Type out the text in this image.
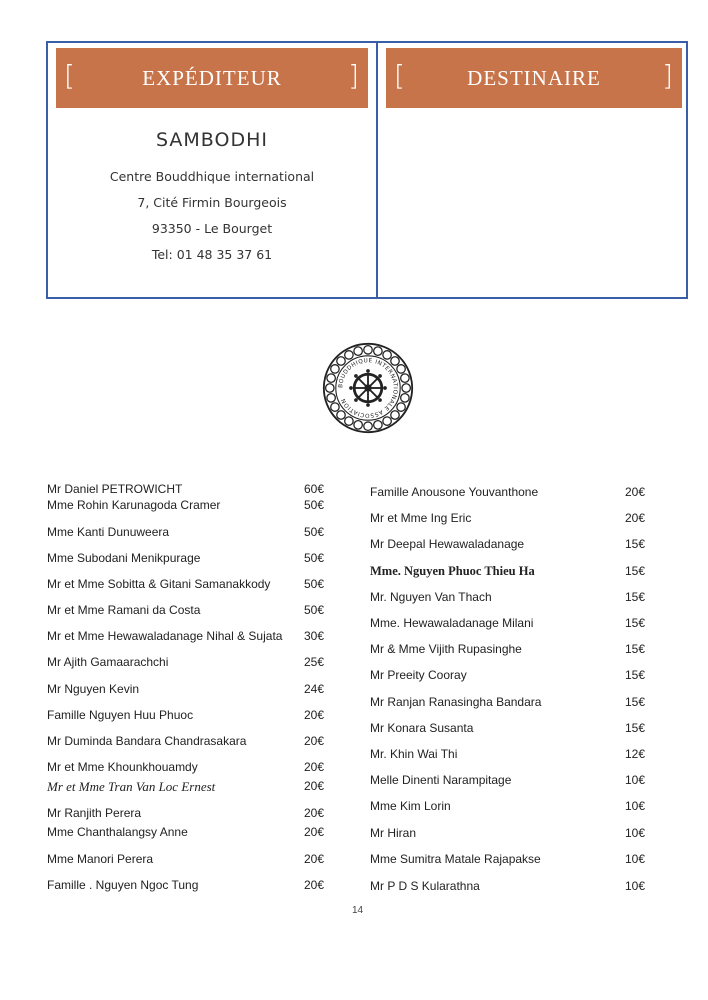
[	EXPÉDITEUR ]
SAMBODHI
Centre Bouddhique international
7, Cité Firmin Bourgeois
93350 - Le Bourget
Tel: 01 48 35 37 61
[	DESTINAIRE ]
BOUDDHIQUE INTERNATIONALE ASSOCIATION
Mr Daniel PETROWICHT	60€
Mme Rohin Karunagoda Cramer	50€
Mme Kanti Dunuweera	50€
Mme Subodani Menikpurage	50€
Mr et Mme Sobitta & Gitani Samanakkody	50€
Mr et Mme Ramani da Costa	50€
Mr et Mme Hewawaladanage Nihal & Sujata 30€
Mr Ajith Gamaarachchi	25€
Mr Nguyen Kevin	24€
Famille Nguyen Huu Phuoc	20€
Mr Duminda Bandara Chandrasakara	20€
Mr et Mme Khounkhouamdy	20€
Mr et Mme Tran Van Loc Ernest	20€
Mr Ranjith Perera	20€
Mme Chanthalangsy Anne	20€
Mme Manori Perera	20€
Famille . Nguyen Ngoc Tung	20€
Famille Anousone Youvanthone	20€
Mr et Mme Ing Eric	20€
Mr Deepal Hewawaladanage	15€
Mme. Nguyen Phuoc Thieu Ha	15€
Mr. Nguyen Van Thach	15€
Mme. Hewawaladanage Milani	15€
Mr & Mme Vijith Rupasinghe	15€
Mr Preeity Cooray	15€
Mr Ranjan Ranasingha Bandara	15€
Mr Konara Susanta	15€
Mr. Khin Wai Thi	12€
Melle Dinenti Narampitage	10€
Mme Kim Lorin	10€
Mr Hiran	10€
Mme Sumitra Matale Rajapakse	10€
Mr P D S Kularathna	10€
14
